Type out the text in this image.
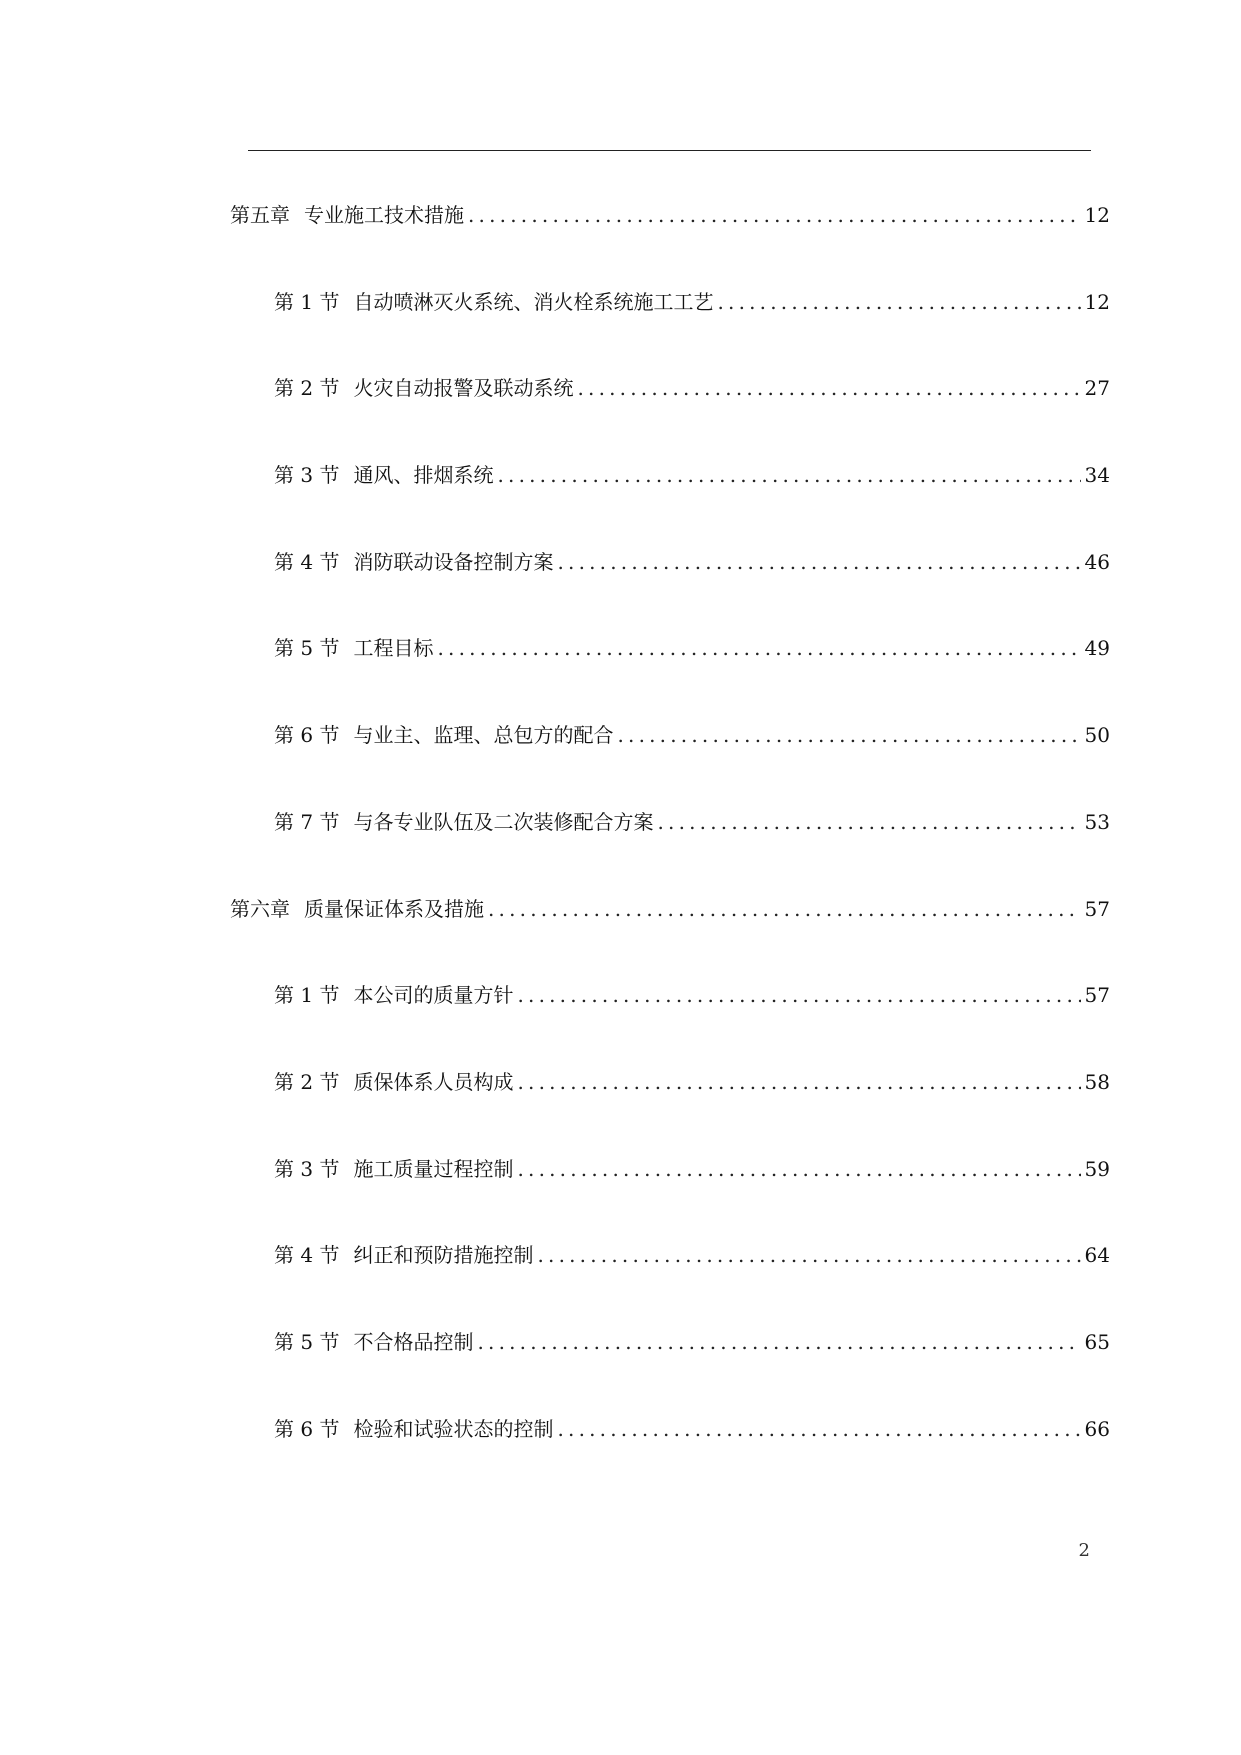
第五章 专业施工技术措施 .....	12
第 1 节 自动喷淋灭火系统、消火栓系统施工工艺 .....	12
第 2 节 火灾自动报警及联动系统 .....	27
第 3 节 通风、排烟系统 .....	34
第 4 节 消防联动设备控制方案 .....	46
第 5 节 工程目标 .....	49
第 6 节 与业主、监理、总包方的配合 .....	50
第 7 节 与各专业队伍及二次装修配合方案 .....	53
第六章 质量保证体系及措施 .....	57
第 1 节 本公司的质量方针 .....	57
第 2 节 质保体系人员构成 .....	58
第 3 节 施工质量过程控制 .....	59
第 4 节 纠正和预防措施控制 .....	64
第 5 节 不合格品控制 .....	65
第 6 节 检验和试验状态的控制 .....	66
2
